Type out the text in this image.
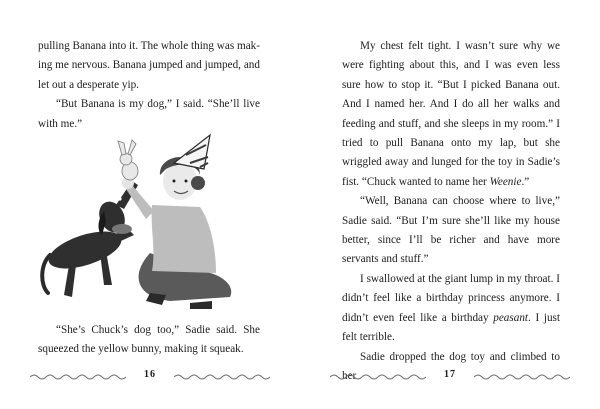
pulling Banana into it. The whole thing was making me nervous. Banana jumped and jumped, and let out a desperate yip.

“But Banana is my dog,” I said. “She’ll live with me.”

“She’s Chuck’s dog too,” Sadie said. She squeezed the yellow bunny, making it squeak.

16

My chest felt tight. I wasn’t sure why we were fighting about this, and I was even less sure how to stop it. “But I picked Banana out. And I named her. And I do all her walks and feeding and stuff, and she sleeps in my room.” I tried to pull Banana onto my lap, but she wriggled away and lunged for the toy in Sadie’s fist. “Chuck wanted to name her Weenie.”

“Well, Banana can choose where to live,” Sadie said. “But I’m sure she’ll like my house better, since I’ll be richer and have more servants and stuff.”

I swallowed at the giant lump in my throat. I didn’t feel like a birthday princess anymore. I didn’t even feel like a birthday peasant. I just felt terrible.

Sadie dropped the dog toy and climbed to her	17
